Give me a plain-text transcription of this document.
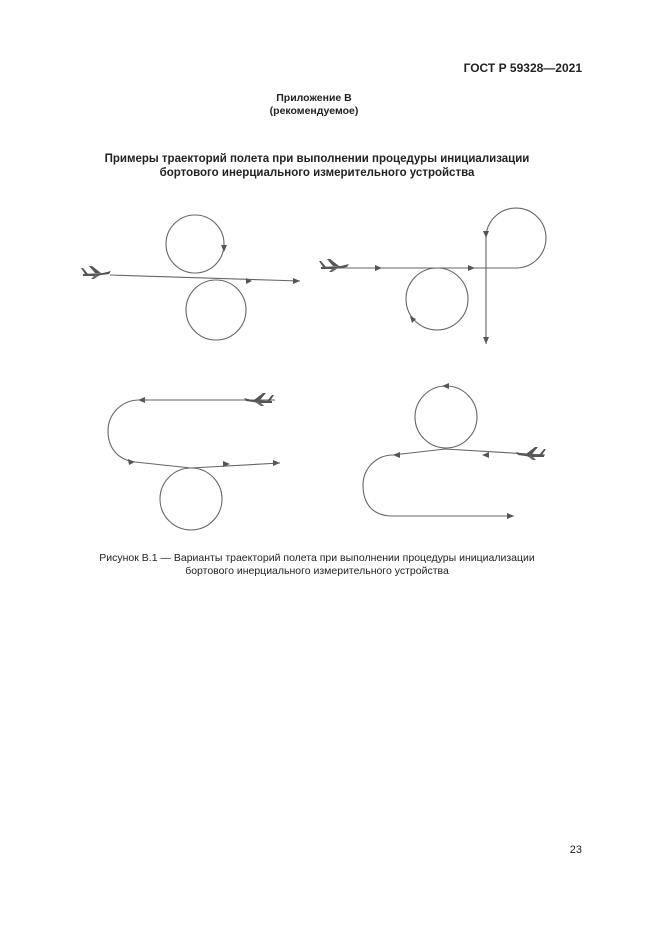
ГОСТ Р 59328—2021
Приложение В
(рекомендуемое)
Примеры траекторий полета при выполнении процедуры инициализации
бортового инерциального измерительного устройства
Рисунок В.1 — Варианты траекторий полета при выполнении процедуры инициализации
бортового инерциального измерительного устройства
23
